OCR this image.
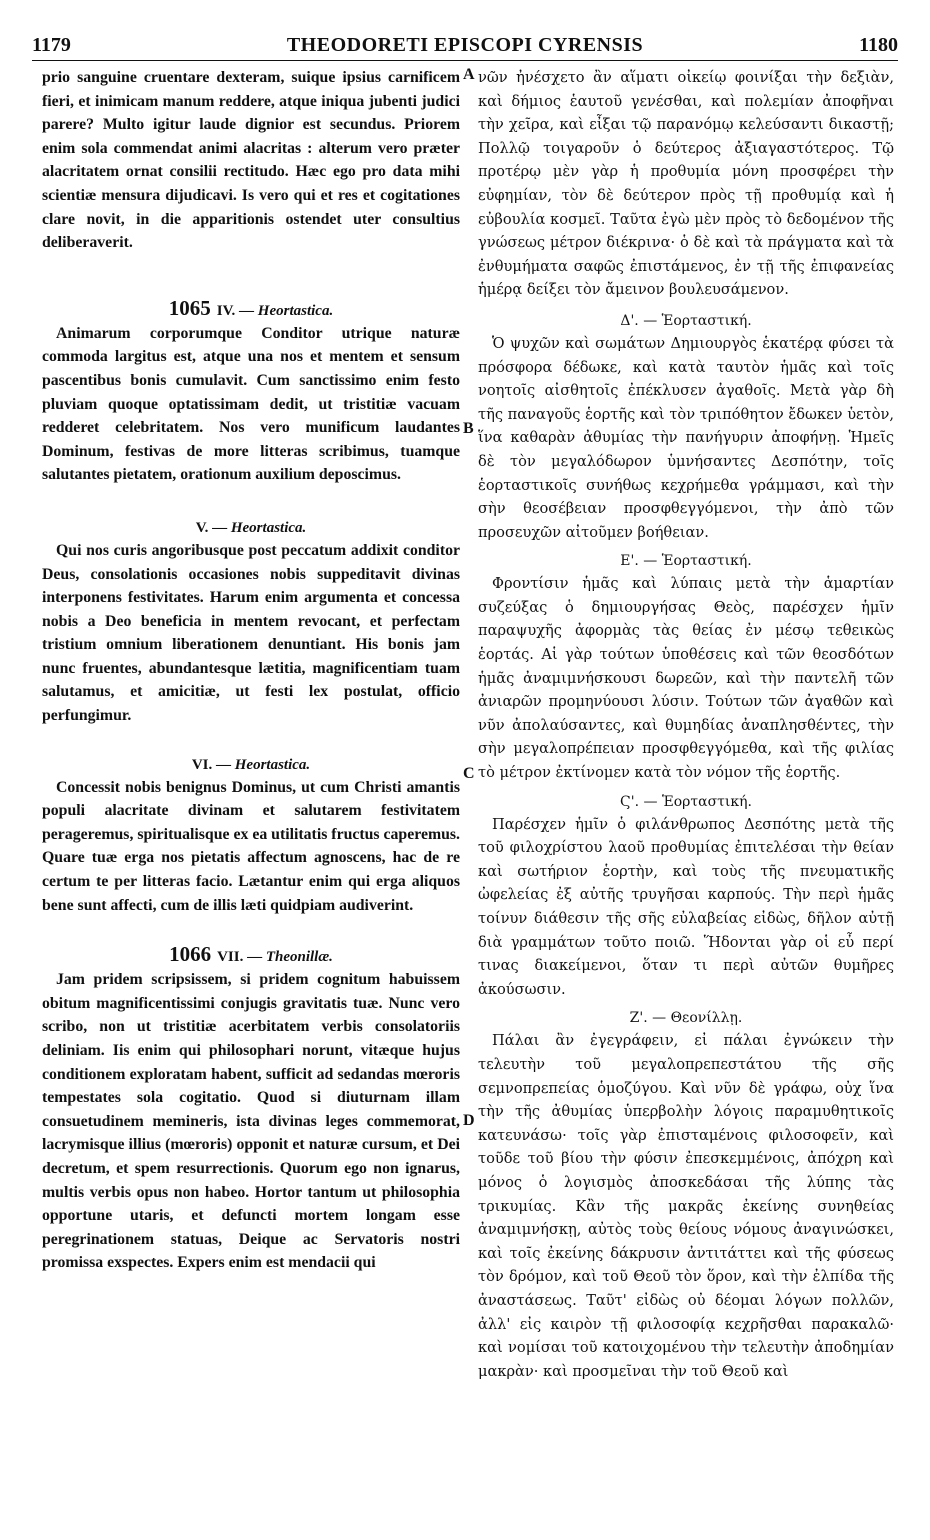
1179	THEODORETI EPISCOPI CYRENSIS	1180

prio sanguine cruentare dexteram, suique ipsius carnificem fieri, et inimicam manum reddere, atque iniqua jubenti judici parere? Multo igitur laude dignior est secundus. Priorem enim sola commendat animi alacritas : alterum vero præter alacritatem ornat consilii rectitudo. Hæc ego pro data mihi scientiæ mensura dijudicavi. Is vero qui et res et cogitationes clare novit, in die apparitionis ostendet uter consultius deliberaverit.

1065 IV. — Heortastica.

Animarum corporumque Conditor utrique naturæ commoda largitus est, atque una nos et mentem et sensum pascentibus bonis cumulavit. Cum sanctissimo enim festo pluviam quoque optatissimam dedit, ut tristitiæ vacuam redderet celebritatem. Nos vero munificum laudantes Dominum, festivas de more litteras scribimus, tuamque salutantes pietatem, orationum auxilium deposcimus.

V. — Heortastica.

Qui nos curis angoribusque post peccatum addixit conditor Deus, consolationis occasiones nobis suppeditavit divinas interponens festivitates. Harum enim argumenta et concessa nobis a Deo beneficia in mentem revocant, et perfectam tristium omnium liberationem denuntiant. His bonis jam nunc fruentes, abundantesque lætitia, magnificentiam tuam salutamus, et amicitiæ, ut festi lex postulat, officio perfungimur.

VI. — Heortastica.

Concessit nobis benignus Dominus, ut cum Christi amantis populi alacritate divinam et salutarem festivitatem perageremus, spiritualisque ex ea utilitatis fructus caperemus. Quare tuæ erga nos pietatis affectum agnoscens, hac de re certum te per litteras facio. Lætantur enim qui erga aliquos bene sunt affecti, cum de illis læti quidpiam audiverint.

1066 VII. — Theonillæ.

Jam pridem scripsissem, si pridem cognitum habuissem obitum magnificentissimi conjugis gravitatis tuæ. Nunc vero scribo, non ut tristitiæ acerbitatem verbis consolatoriis deliniam. Iis enim qui philosophari norunt, vitæque hujus conditionem exploratam habent, sufficit ad sedandas mœroris tempestates sola cogitatio. Quod si diuturnam illam consuetudinem memineris, ista divinas leges commemorat, lacrymisque illius (mœroris) opponit et naturæ cursum, et Dei decretum, et spem resurrectionis. Quorum ego non ignarus, multis verbis opus non habeo. Hortor tantum ut philosophia opportune utaris, et defuncti mortem longam esse peregrinationem statuas, Deique ac Servatoris nostri promissa exspectes. Expers enim est mendacii qui

A
B
C
D

νῶν ἠνέσχετο ἂν αἵματι οἰκείῳ φοινίξαι τὴν δεξιὰν, καὶ δήμιος ἑαυτοῦ γενέσθαι, καὶ πολεμίαν ἀποφῆναι τὴν χεῖρα, καὶ εἶξαι τῷ παρανόμῳ κελεύσαντι δικαστῇ; Πολλῷ τοιγαροῦν ὁ δεύτερος ἀξιαγαστότερος. Τῷ προτέρῳ μὲν γὰρ ἡ προθυμία μόνη προσφέρει τὴν εὐφημίαν, τὸν δὲ δεύτερον πρὸς τῇ προθυμίᾳ καὶ ἡ εὐβουλία κοσμεῖ. Ταῦτα ἐγὼ μὲν πρὸς τὸ δεδομένον τῆς γνώσεως μέτρον διέκρινα· ὁ δὲ καὶ τὰ πράγματα καὶ τὰ ἐνθυμήματα σαφῶς ἐπιστάμενος, ἐν τῇ τῆς ἐπιφανείας ἡμέρᾳ δείξει τὸν ἄμεινον βουλευσάμενον.

Δ'. — Ἑορταστική.

Ὁ ψυχῶν καὶ σωμάτων Δημιουργὸς ἑκατέρᾳ φύσει τὰ πρόσφορα δέδωκε, καὶ κατὰ ταυτὸν ἡμᾶς καὶ τοῖς νοητοῖς αἰσθητοῖς ἐπέκλυσεν ἀγαθοῖς. Μετὰ γὰρ δὴ τῆς παναγοῦς ἑορτῆς καὶ τὸν τριπόθητον ἔδωκεν ὑετὸν, ἵνα καθαρὰν ἀθυμίας τὴν πανήγυριν ἀποφήνῃ. Ἡμεῖς δὲ τὸν μεγαλόδωρον ὑμνήσαντες Δεσπότην, τοῖς ἑορταστικοῖς συνήθως κεχρήμεθα γράμμασι, καὶ τὴν σὴν θεοσέβειαν προσφθεγγόμενοι, τὴν ἀπὸ τῶν προσευχῶν αἰτοῦμεν βοήθειαν.

Ε'. — Ἑορταστική.

Φροντίσιν ἡμᾶς καὶ λύπαις μετὰ τὴν ἁμαρτίαν συζεύξας ὁ δημιουργήσας Θεὸς, παρέσχεν ἡμῖν παραψυχῆς ἀφορμὰς τὰς θείας ἐν μέσῳ τεθεικὼς ἑορτάς. Αἱ γὰρ τούτων ὑποθέσεις καὶ τῶν θεοσδότων ἡμᾶς ἀναμιμνήσκουσι δωρεῶν, καὶ τὴν παντελῆ τῶν ἀνιαρῶν προμηνύουσι λύσιν. Τούτων τῶν ἀγαθῶν καὶ νῦν ἀπολαύσαντες, καὶ θυμηδίας ἀναπλησθέντες, τὴν σὴν μεγαλοπρέπειαν προσφθεγγόμεθα, καὶ τῆς φιλίας τὸ μέτρον ἐκτίνομεν κατὰ τὸν νόμον τῆς ἑορτῆς.

Ϛ'. — Ἑορταστική.

Παρέσχεν ἡμῖν ὁ φιλάνθρωπος Δεσπότης μετὰ τῆς τοῦ φιλοχρίστου λαοῦ προθυμίας ἐπιτελέσαι τὴν θείαν καὶ σωτήριον ἑορτὴν, καὶ τοὺς τῆς πνευματικῆς ὠφελείας ἐξ αὐτῆς τρυγῆσαι καρπούς. Τὴν περὶ ἡμᾶς τοίνυν διάθεσιν τῆς σῆς εὐλαβείας εἰδὼς, δῆλον αὐτῇ διὰ γραμμάτων τοῦτο ποιῶ. Ἥδονται γὰρ οἱ εὖ περί τινας διακείμενοι, ὅταν τι περὶ αὐτῶν θυμῆρες ἀκούσωσιν.

Ζ'. — Θεονίλλῃ.

Πάλαι ἂν ἐγεγράφειν, εἰ πάλαι ἐγνώκειν τὴν τελευτὴν τοῦ μεγαλοπρεπεστάτου τῆς σῆς σεμνοπρεπείας ὁμοζύγου. Καὶ νῦν δὲ γράφω, οὐχ ἵνα τὴν τῆς ἀθυμίας ὑπερβολὴν λόγοις παραμυθητικοῖς κατευνάσω· τοῖς γὰρ ἐπισταμένοις φιλοσοφεῖν, καὶ τοῦδε τοῦ βίου τὴν φύσιν ἐπεσκεμμένοις, ἀπόχρη καὶ μόνος ὁ λογισμὸς ἀποσκεδάσαι τῆς λύπης τὰς τρικυμίας. Κἂν τῆς μακρᾶς ἐκείνης συνηθείας ἀναμιμνήσκῃ, αὐτὸς τοὺς θείους νόμους ἀναγινώσκει, καὶ τοῖς ἐκείνης δάκρυσιν ἀντιτάττει καὶ τῆς φύσεως τὸν δρόμον, καὶ τοῦ Θεοῦ τὸν ὅρον, καὶ τὴν ἐλπίδα τῆς ἀναστάσεως. Ταῦτ' εἰδὼς οὐ δέομαι λόγων πολλῶν, ἀλλ' εἰς καιρὸν τῇ φιλοσοφίᾳ κεχρῆσθαι παρακαλῶ· καὶ νομίσαι τοῦ κατοιχομένου τὴν τελευτὴν ἀποδημίαν μακρὰν· καὶ προσμεῖναι τὴν τοῦ Θεοῦ καὶ
